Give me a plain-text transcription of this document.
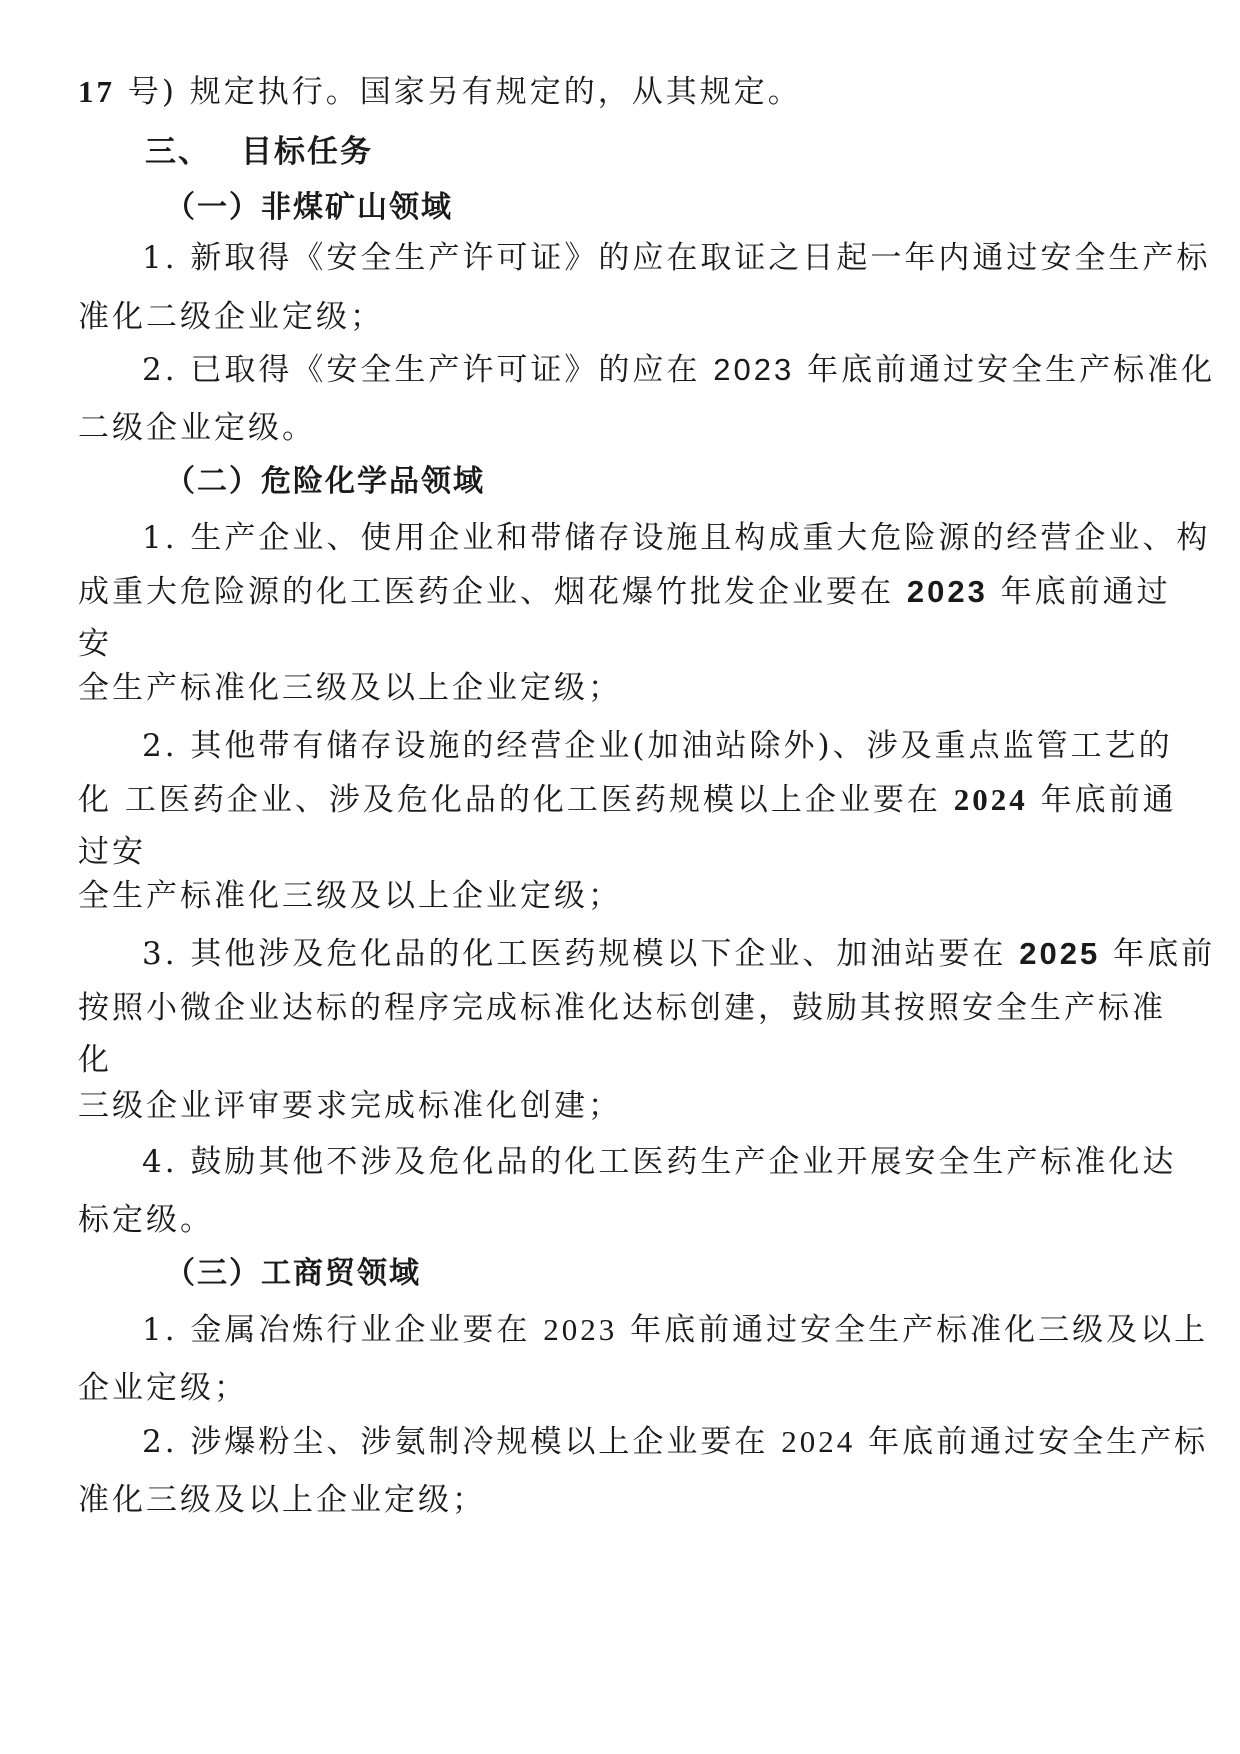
17 号) 规定执行。国家另有规定的，从其规定。
三、 目标任务
（一）非煤矿山领域
1. 新取得《安全生产许可证》的应在取证之日起一年内通过安全生产标
准化二级企业定级；
2. 已取得《安全生产许可证》的应在 2023 年底前通过安全生产标准化
二级企业定级。
（二）危险化学品领域
1. 生产企业、使用企业和带储存设施且构成重大危险源的经营企业、构
成重大危险源的化工医药企业、烟花爆竹批发企业要在 2023 年底前通过
安
全生产标准化三级及以上企业定级；
2. 其他带有储存设施的经营企业(加油站除外)、涉及重点监管工艺的
化 工医药企业、涉及危化品的化工医药规模以上企业要在 2024 年底前通
过安
全生产标准化三级及以上企业定级；
3. 其他涉及危化品的化工医药规模以下企业、加油站要在 2025 年底前
按照小微企业达标的程序完成标准化达标创建，鼓励其按照安全生产标准
化
三级企业评审要求完成标准化创建；
4. 鼓励其他不涉及危化品的化工医药生产企业开展安全生产标准化达
标定级。
（三）工商贸领域
1. 金属冶炼行业企业要在 2023 年底前通过安全生产标准化三级及以上
企业定级；
2. 涉爆粉尘、涉氨制冷规模以上企业要在 2024 年底前通过安全生产标
准化三级及以上企业定级；
